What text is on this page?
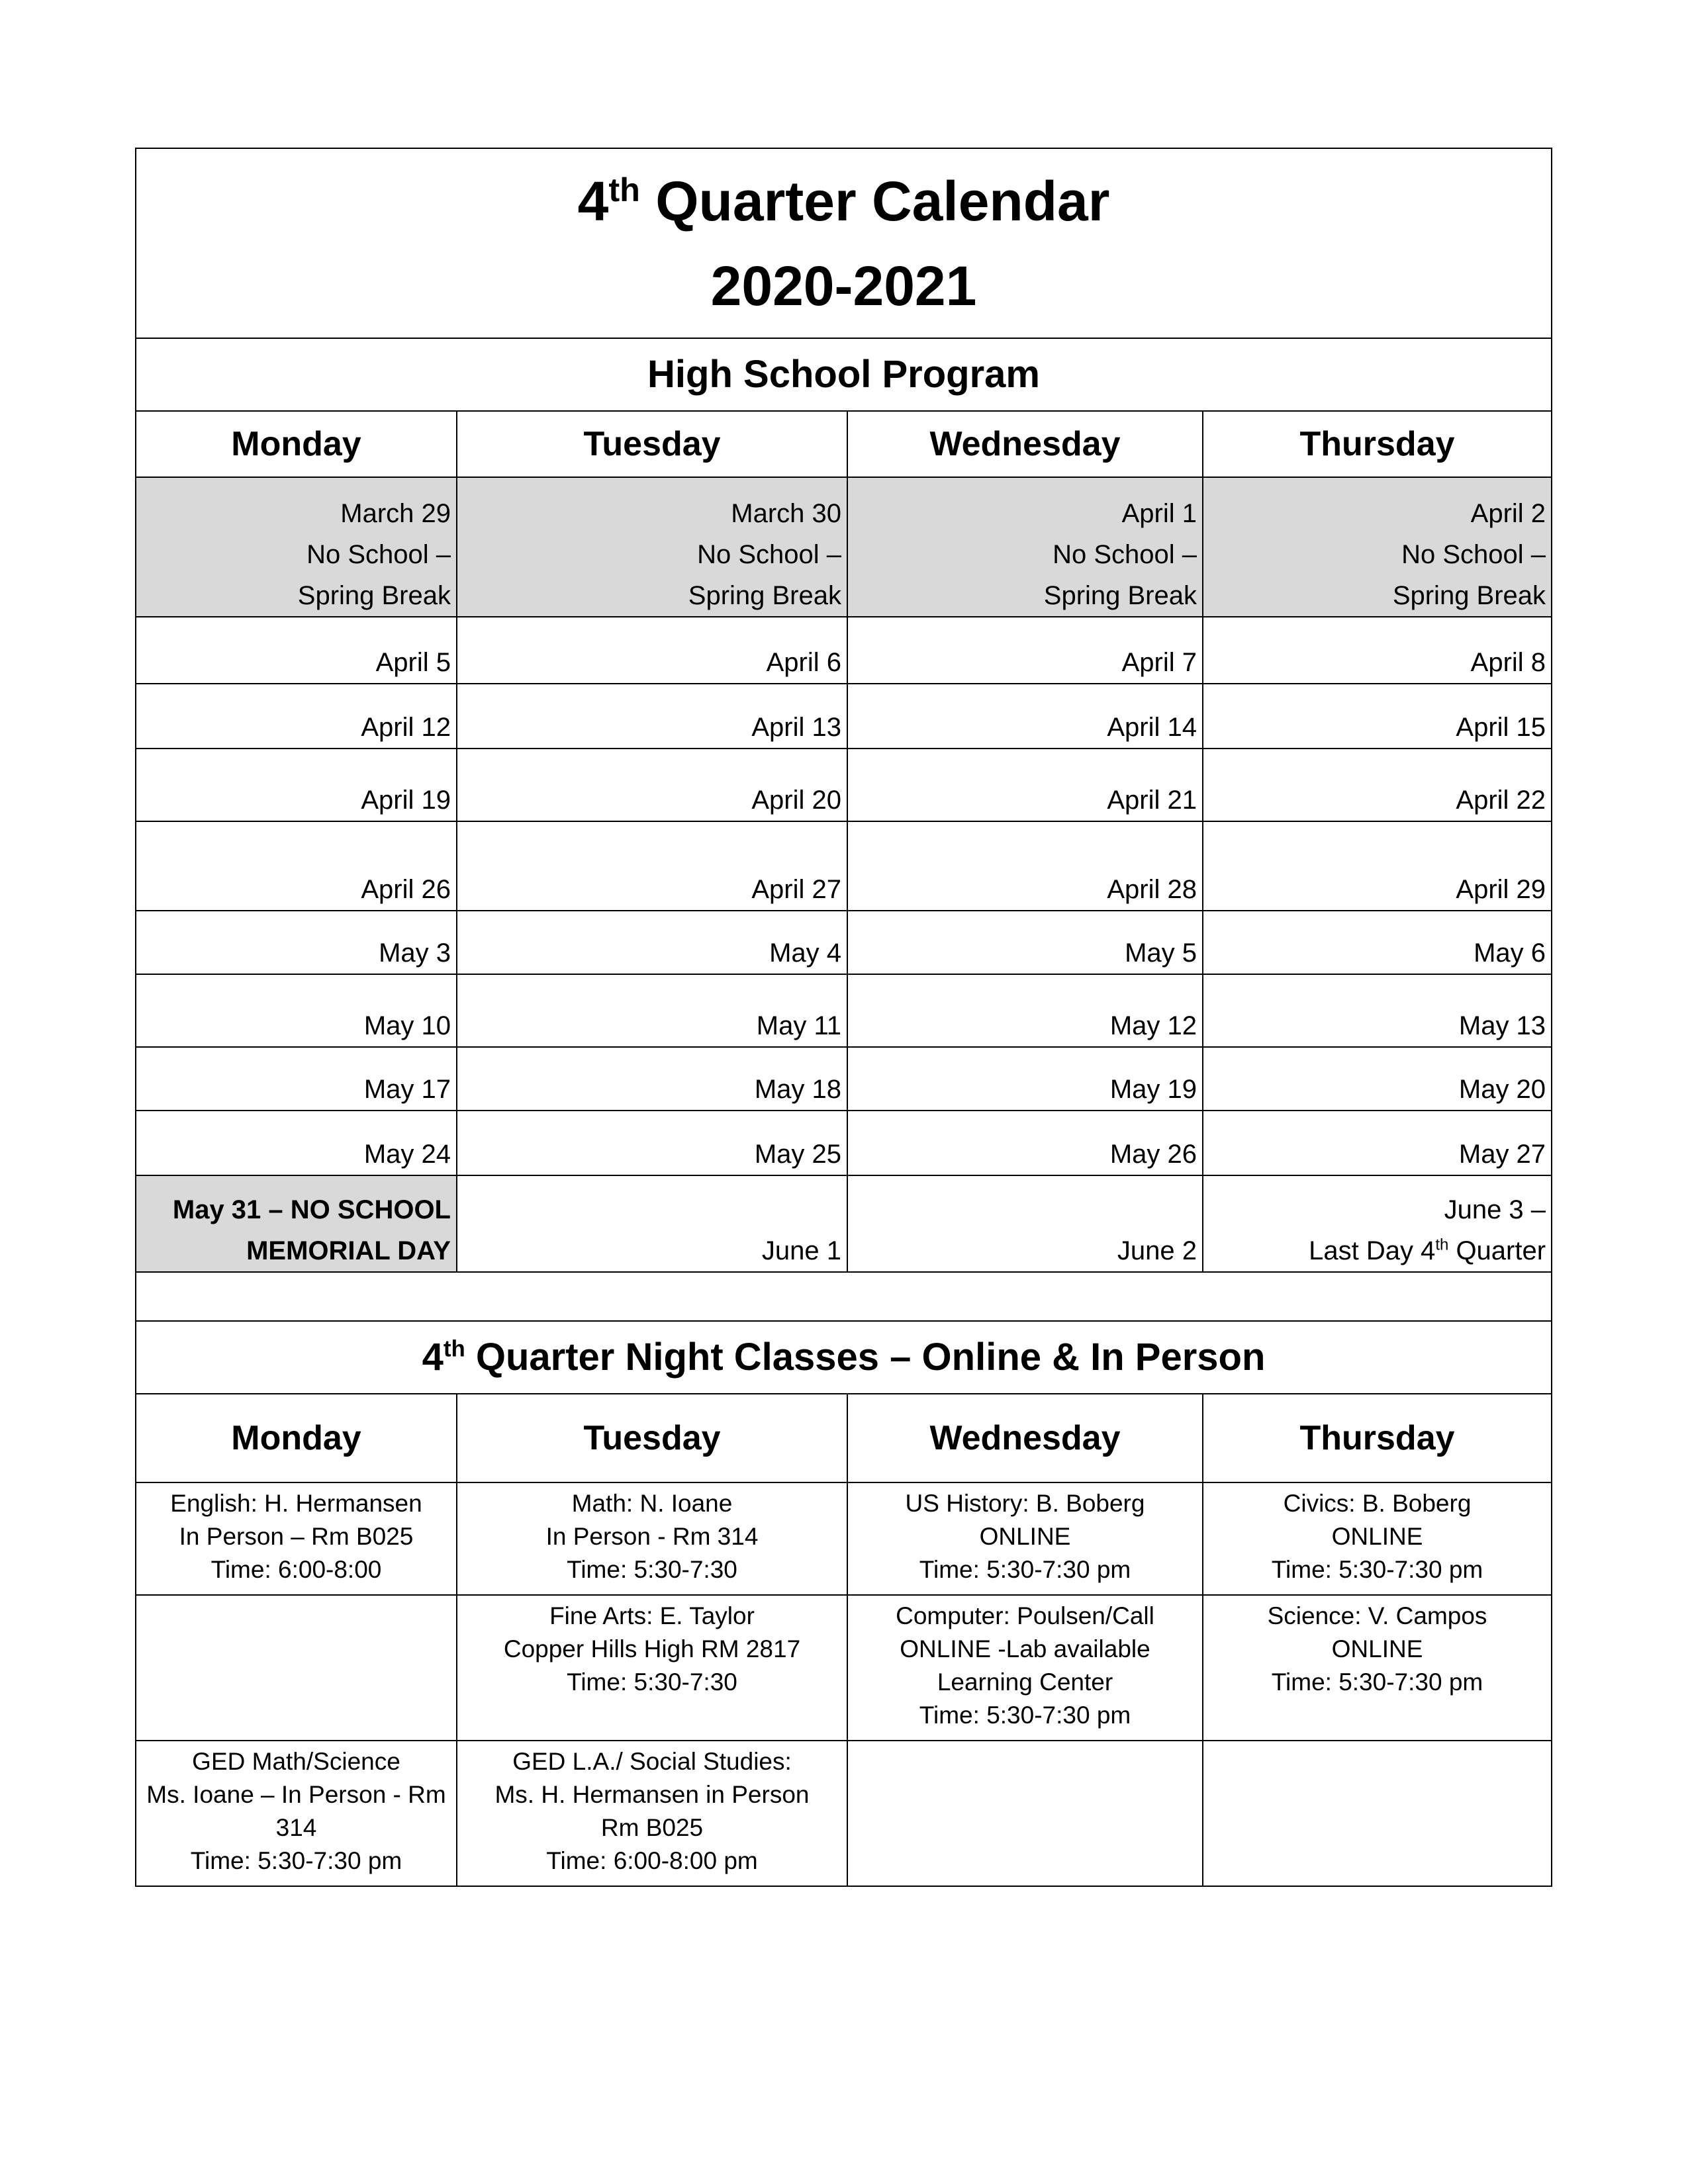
4th Quarter Calendar
2020-2021			

High School Program			
Monday	Tuesday	Wednesday	Thursday

March 29
No School –
Spring Break	March 30
No School –
Spring Break	April 1
No School –
Spring Break	April 2
No School –
Spring Break

April 5	April 6	April 7	April 8
April 12	April 13	April 14	April 15
April 19	April 20	April 21	April 22
April 26	April 27	April 28	April 29
May 3	May 4	May 5	May 6
May 10	May 11	May 12	May 13
May 17	May 18	May 19	May 20
May 24	May 25	May 26	May 27

May 31 – NO SCHOOL
MEMORIAL DAY	June 1	June 2	June 3 –
Last Day 4th Quarter

4th Quarter Night Classes – Online & In Person			
Monday	Tuesday	Wednesday	Thursday

English: H. Hermansen
In Person – Rm B025
Time: 6:00-8:00	Math: N. Ioane
In Person - Rm 314
Time: 5:30-7:30	US History: B. Boberg
ONLINE
Time: 5:30-7:30 pm	Civics: B. Boberg
ONLINE
Time: 5:30-7:30 pm

	Fine Arts: E. Taylor
Copper Hills High RM 2817
Time: 5:30-7:30	Computer: Poulsen/Call
ONLINE -Lab available
Learning Center
Time: 5:30-7:30 pm	Science: V. Campos
ONLINE
Time: 5:30-7:30 pm

GED Math/Science
Ms. Ioane – In Person - Rm
314
Time: 5:30-7:30 pm	GED L.A./ Social Studies:
Ms. H. Hermansen in Person
Rm B025
Time: 6:00-8:00 pm		
